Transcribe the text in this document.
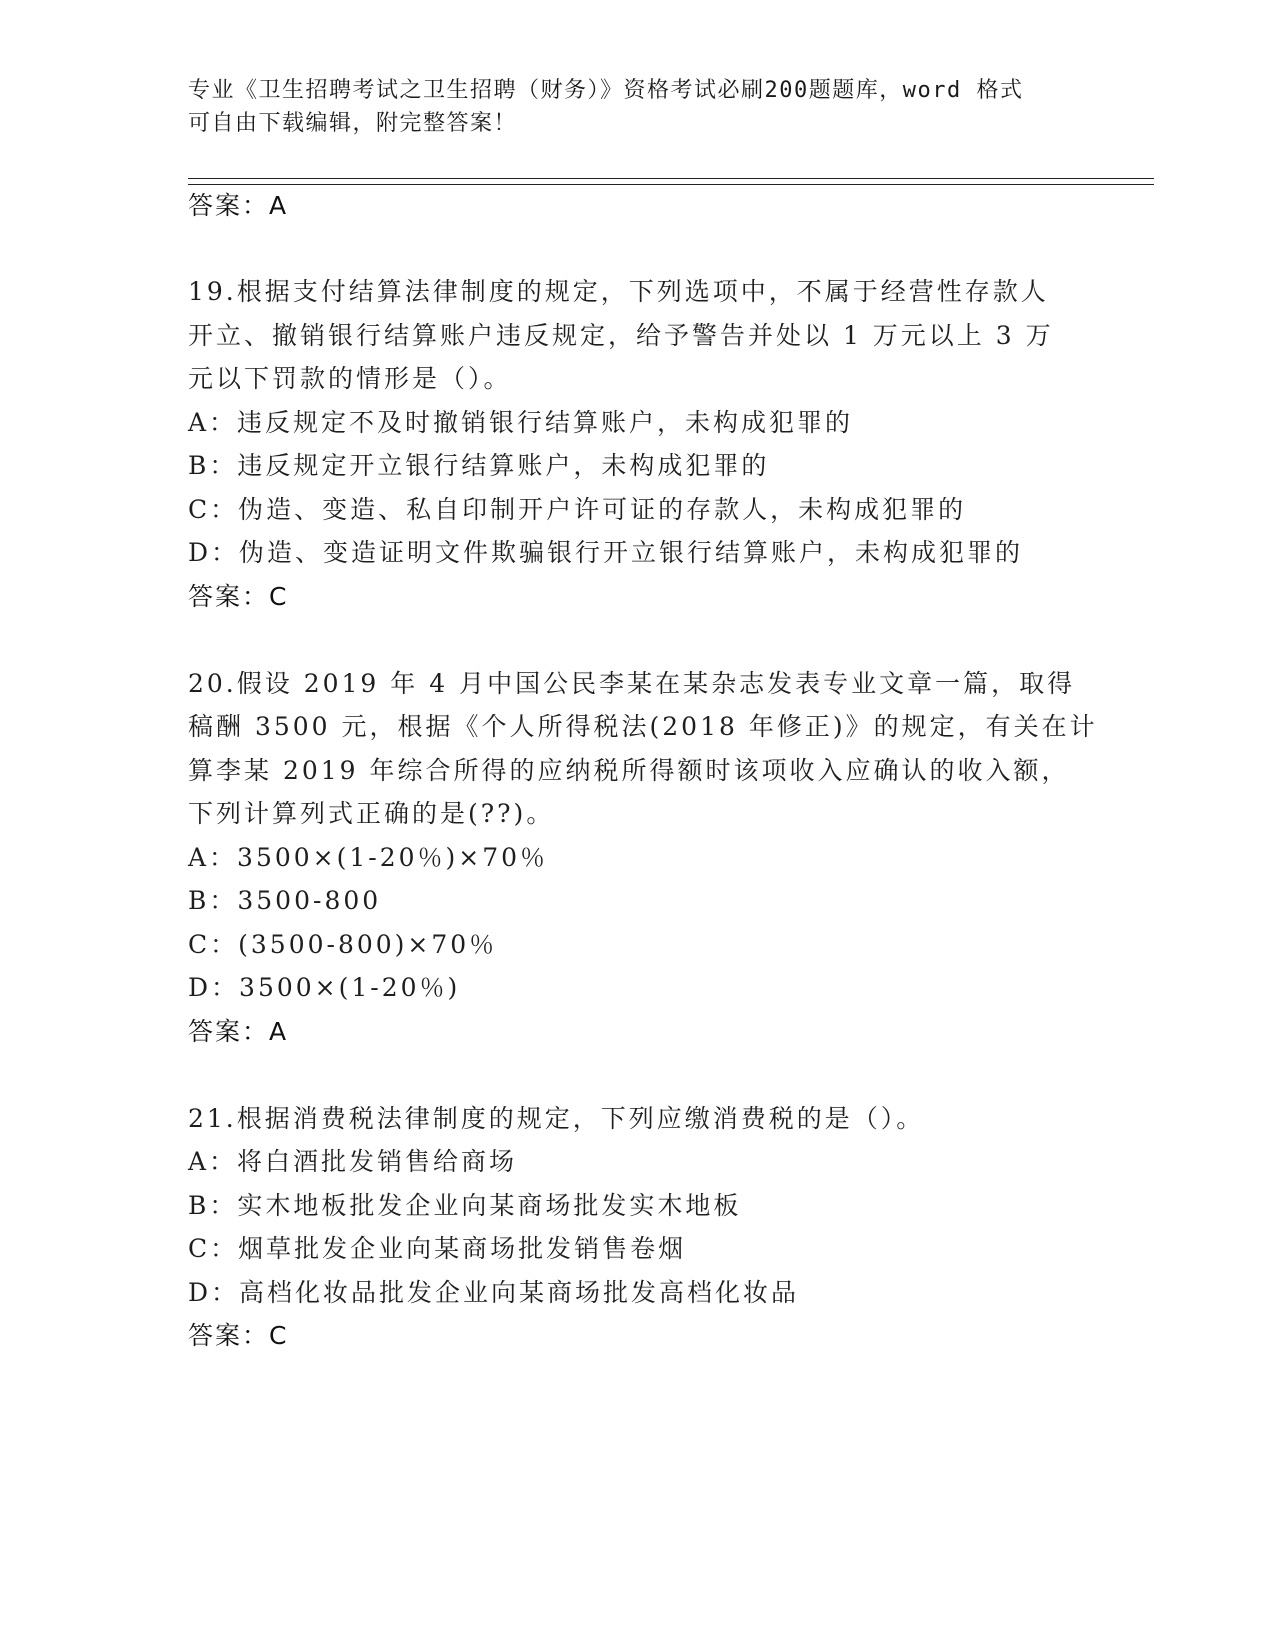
专业《卫生招聘考试之卫生招聘（财务）》资格考试必刷200题题库，word 格式
可自由下载编辑，附完整答案！
答案：A
19.根据支付结算法律制度的规定，下列选项中，不属于经营性存款人
开立、撤销银行结算账户违反规定，给予警告并处以 1 万元以上 3 万
元以下罚款的情形是（）。
A：违反规定不及时撤销银行结算账户，未构成犯罪的
B：违反规定开立银行结算账户，未构成犯罪的
C：伪造、变造、私自印制开户许可证的存款人，未构成犯罪的
D：伪造、变造证明文件欺骗银行开立银行结算账户，未构成犯罪的
答案：C
20.假设 2019 年 4 月中国公民李某在某杂志发表专业文章一篇，取得
稿酬 3500 元，根据《个人所得税法(2018 年修正)》的规定，有关在计
算李某 2019 年综合所得的应纳税所得额时该项收入应确认的收入额，
下列计算列式正确的是(??)。
A：3500×(1-20％)×70％
B：3500-800
C：(3500-800)×70％
D：3500×(1-20％)
答案：A
21.根据消费税法律制度的规定，下列应缴消费税的是（）。
A：将白酒批发销售给商场
B：实木地板批发企业向某商场批发实木地板
C：烟草批发企业向某商场批发销售卷烟
D：高档化妆品批发企业向某商场批发高档化妆品
答案：C
